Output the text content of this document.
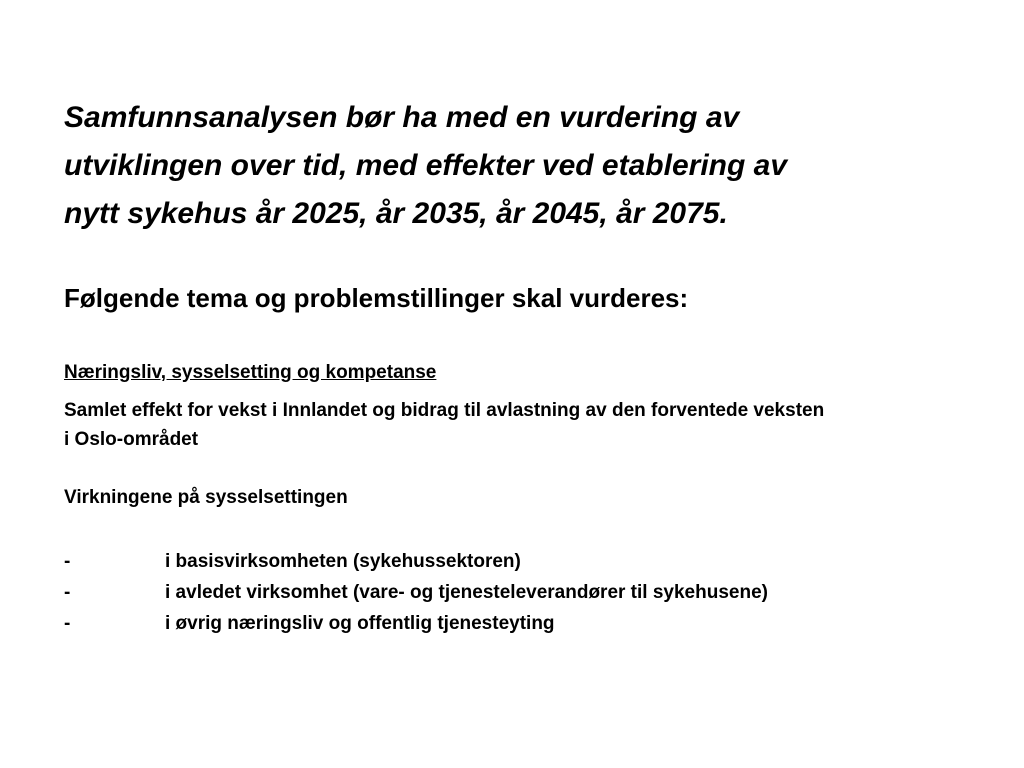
Samfunnsanalysen bør ha med en vurdering av
utviklingen over tid, med effekter ved etablering av
nytt sykehus år 2025, år 2035, år 2045, år 2075.

Følgende tema og problemstillinger skal vurderes:

Næringsliv, sysselsetting og kompetanse

Samlet effekt for vekst i Innlandet og bidrag til avlastning av den forventede veksten
i Oslo-området

Virkningene på sysselsettingen

-	i basisvirksomheten (sykehussektoren)
-	i avledet virksomhet (vare- og tjenesteleverandører til sykehusene)
-	i øvrig næringsliv og offentlig tjenesteyting
